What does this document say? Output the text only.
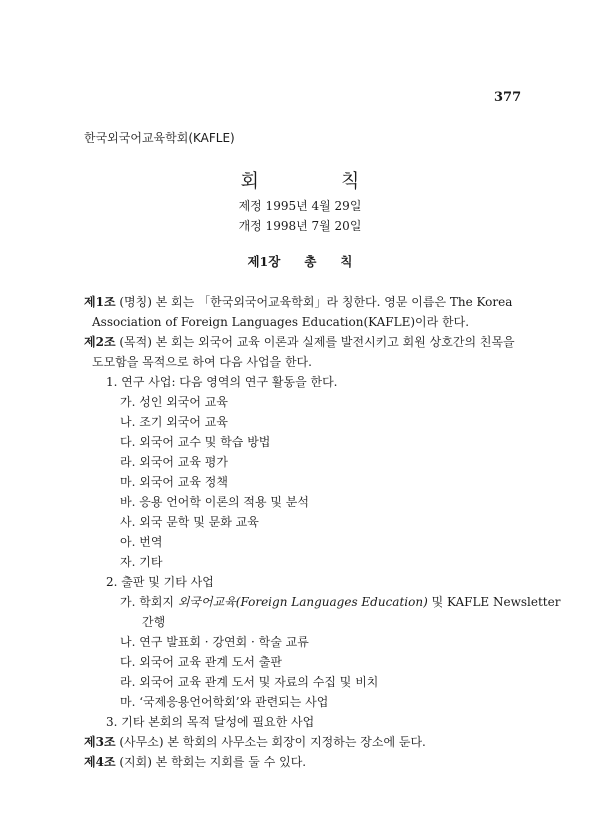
377
한국외국어교육학회(KAFLE)
회 칙
제정 1995년 4월 29일
개정 1998년 7월 20일
제1장 총 칙
제1조 (명칭) 본 회는 「한국외국어교육학회」라 칭한다. 영문 이름은 The Korea
Association of Foreign Languages Education(KAFLE)이라 한다.
제2조 (목적) 본 회는 외국어 교육 이론과 실제를 발전시키고 회원 상호간의 친목을
도모함을 목적으로 하여 다음 사업을 한다.
1. 연구 사업: 다음 영역의 연구 활동을 한다.
가. 성인 외국어 교육
나. 조기 외국어 교육
다. 외국어 교수 및 학습 방법
라. 외국어 교육 평가
마. 외국어 교육 정책
바. 응용 언어학 이론의 적용 및 분석
사. 외국 문학 및 문화 교육
아. 번역
자. 기타
2. 출판 및 기타 사업
가. 학회지 외국어교육(Foreign Languages Education) 및 KAFLE Newsletter
간행
나. 연구 발표회 · 강연회 · 학술 교류
다. 외국어 교육 관계 도서 출판
라. 외국어 교육 관계 도서 및 자료의 수집 및 비치
마. ‘국제응용언어학회’와 관련되는 사업
3. 기타 본회의 목적 달성에 필요한 사업
제3조 (사무소) 본 학회의 사무소는 회장이 지정하는 장소에 둔다.
제4조 (지회) 본 학회는 지회를 둘 수 있다.
